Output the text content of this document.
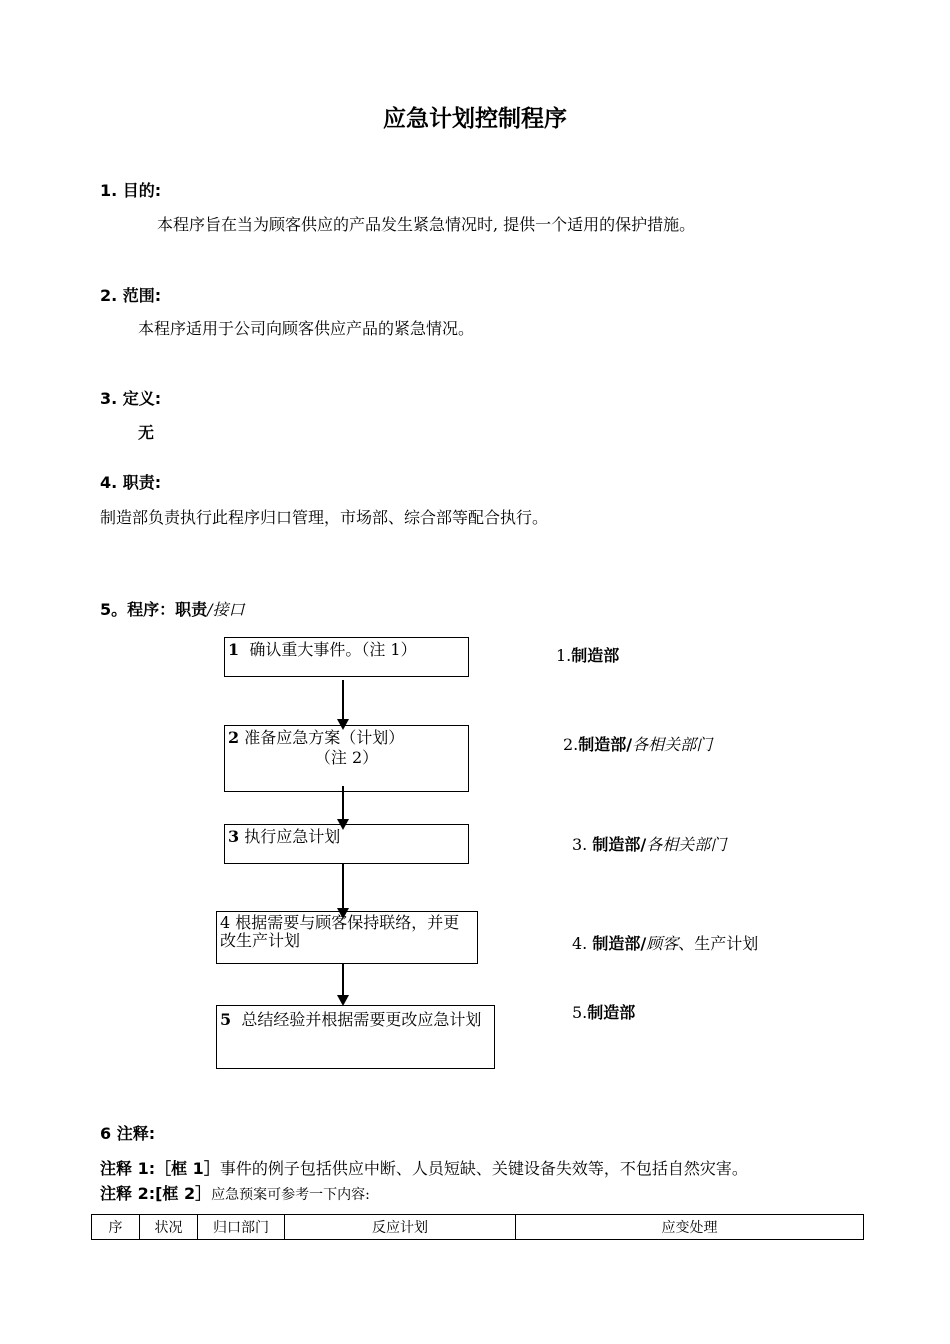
应急计划控制程序
1. 目的:
本程序旨在当为顾客供应的产品发生紧急情况时, 提供一个适用的保护措施。
2. 范围:
本程序适用于公司向顾客供应产品的紧急情况。
3. 定义:
无
4. 职责:
制造部负责执行此程序归口管理，市场部、综合部等配合执行。
5。程序：职责/接口
1 确认重大事件。（注 1）
2 准备应急方案（计划）
（注 2）
3 执行应急计划
4 根据需要与顾客保持联络，并更改生产计划
5 总结经验并根据需要更改应急计划
1.制造部
2.制造部/各相关部门
3. 制造部/各相关部门
4. 制造部/顾客、生产计划
5.制造部
6 注释:
注释 1:［框 1］事件的例子包括供应中断、人员短缺、关键设备失效等，不包括自然灾害。
注释 2:[框 2］应急预案可参考一下内容:
序	状况	归口部门	反应计划	应变处理
